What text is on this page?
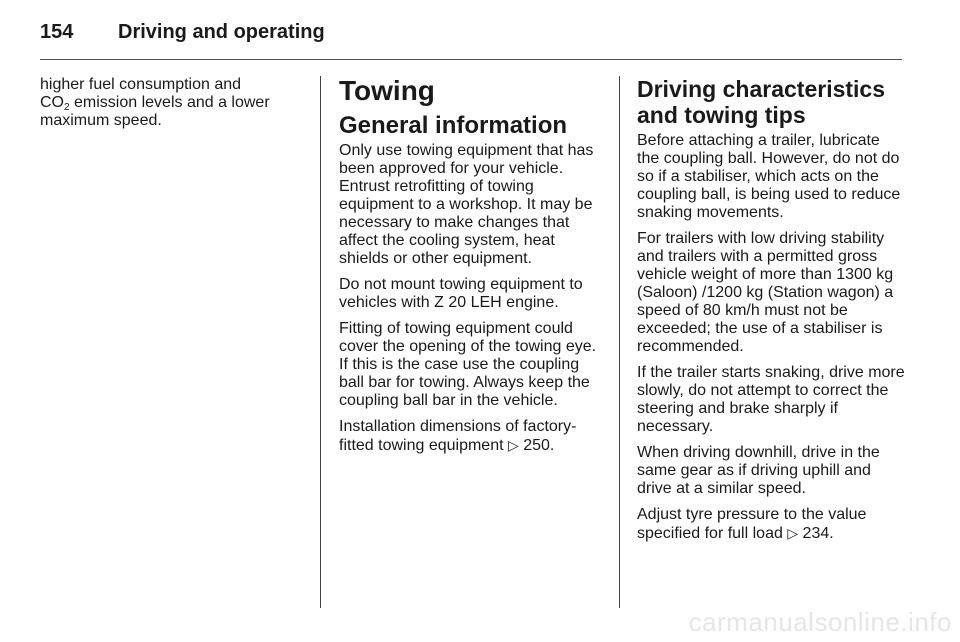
154 Driving and operating
higher fuel consumption and
$CO_2$ emission levels and a lower
maximum speed.
Towing
General information

Only use towing equipment that has been approved for your vehicle. Entrust retrofitting of towing equipment to a workshop. It may be necessary to make changes that affect the cooling system, heat shields or other equipment.

Do not mount towing equipment to vehicles with Z 20 LEH engine.

Fitting of towing equipment could cover the opening of the towing eye. If this is the case use the coupling ball bar for towing. Always keep the coupling ball bar in the vehicle.

Installation dimensions of factory-fitted towing equipment ▷ 250.

Driving characteristics and towing tips

Before attaching a trailer, lubricate the coupling ball. However, do not do so if a stabiliser, which acts on the coupling ball, is being used to reduce snaking movements.

For trailers with low driving stability and trailers with a permitted gross vehicle weight of more than 1300 kg (Saloon) /1200 kg (Station wagon) a speed of 80 km/h must not be exceeded; the use of a stabiliser is recommended.

If the trailer starts snaking, drive more slowly, do not attempt to correct the steering and brake sharply if necessary.

When driving downhill, drive in the same gear as if driving uphill and drive at a similar speed.

Adjust tyre pressure to the value specified for full load ▷ 234.

carmanualsonline.info
